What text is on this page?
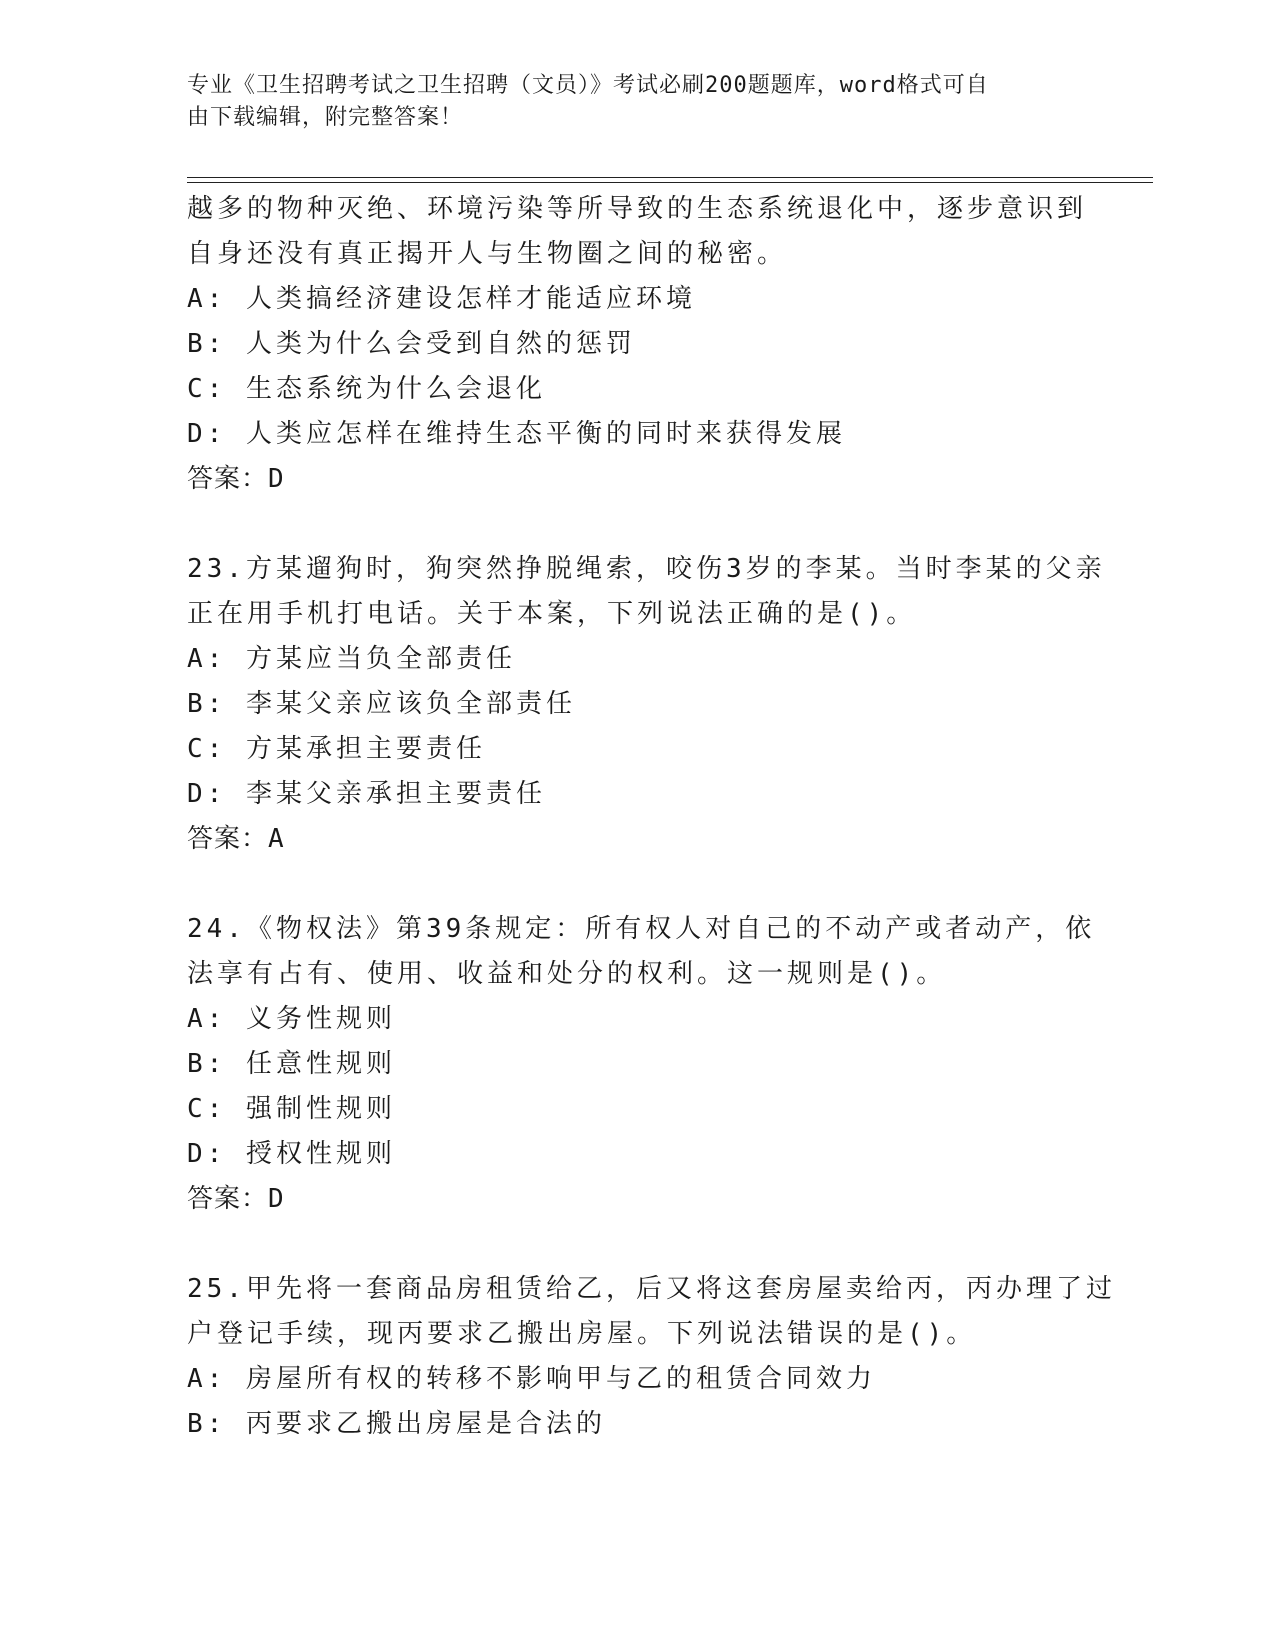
专业《卫生招聘考试之卫生招聘（文员）》考试必刷200题题库，word格式可自
由下载编辑，附完整答案！
越多的物种灭绝、环境污染等所导致的生态系统退化中，逐步意识到
自身还没有真正揭开人与生物圈之间的秘密。
A: 人类搞经济建设怎样才能适应环境
B: 人类为什么会受到自然的惩罚
C: 生态系统为什么会退化
D: 人类应怎样在维持生态平衡的同时来获得发展
答案：D
23.方某遛狗时，狗突然挣脱绳索，咬伤3岁的李某。当时李某的父亲
正在用手机打电话。关于本案，下列说法正确的是()。
A: 方某应当负全部责任
B: 李某父亲应该负全部责任
C: 方某承担主要责任
D: 李某父亲承担主要责任
答案：A
24.《物权法》第39条规定：所有权人对自己的不动产或者动产，依
法享有占有、使用、收益和处分的权利。这一规则是()。
A: 义务性规则
B: 任意性规则
C: 强制性规则
D: 授权性规则
答案：D
25.甲先将一套商品房租赁给乙，后又将这套房屋卖给丙，丙办理了过
户登记手续，现丙要求乙搬出房屋。下列说法错误的是()。
A: 房屋所有权的转移不影响甲与乙的租赁合同效力
B: 丙要求乙搬出房屋是合法的
